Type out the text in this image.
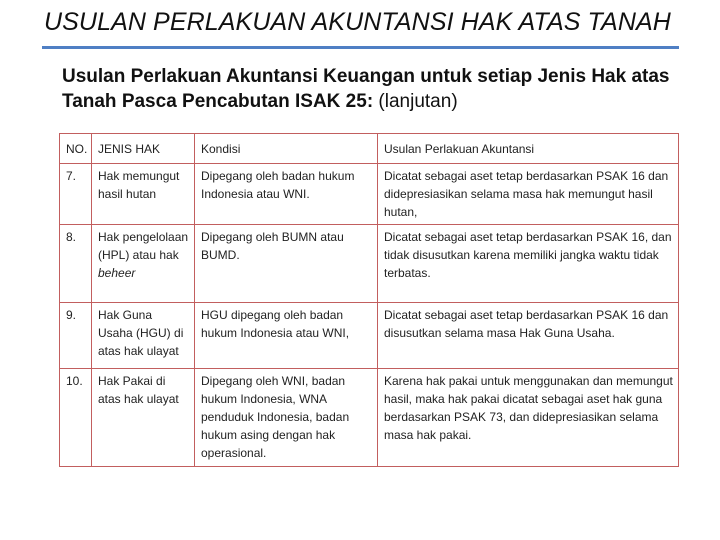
USULAN PERLAKUAN AKUNTANSI HAK ATAS TANAH
Usulan Perlakuan Akuntansi Keuangan untuk setiap Jenis Hak atas Tanah Pasca Pencabutan ISAK 25: (lanjutan)
NO.	JENIS HAK	Kondisi	Usulan Perlakuan Akuntansi
7.	Hak memungut hasil hutan	Dipegang oleh badan hukum Indonesia atau WNI.	Dicatat sebagai aset tetap berdasarkan PSAK 16 dan didepresiasikan selama masa hak memungut hasil hutan,
8.	Hak pengelolaan (HPL) atau hak beheer	Dipegang oleh BUMN atau BUMD.	Dicatat sebagai aset tetap berdasarkan PSAK 16, dan tidak disusutkan karena memiliki jangka waktu tidak terbatas.
9.	Hak Guna Usaha (HGU) di atas hak ulayat	HGU dipegang oleh badan hukum Indonesia atau WNI,	Dicatat sebagai aset tetap berdasarkan PSAK 16 dan disusutkan selama masa Hak Guna Usaha.
10.	Hak Pakai di atas hak ulayat	Dipegang oleh WNI, badan hukum Indonesia, WNA penduduk Indonesia, badan hukum asing dengan hak operasional.	Karena hak pakai untuk menggunakan dan memungut hasil, maka hak pakai dicatat sebagai aset hak guna berdasarkan PSAK 73, dan didepresiasikan selama masa hak pakai.
